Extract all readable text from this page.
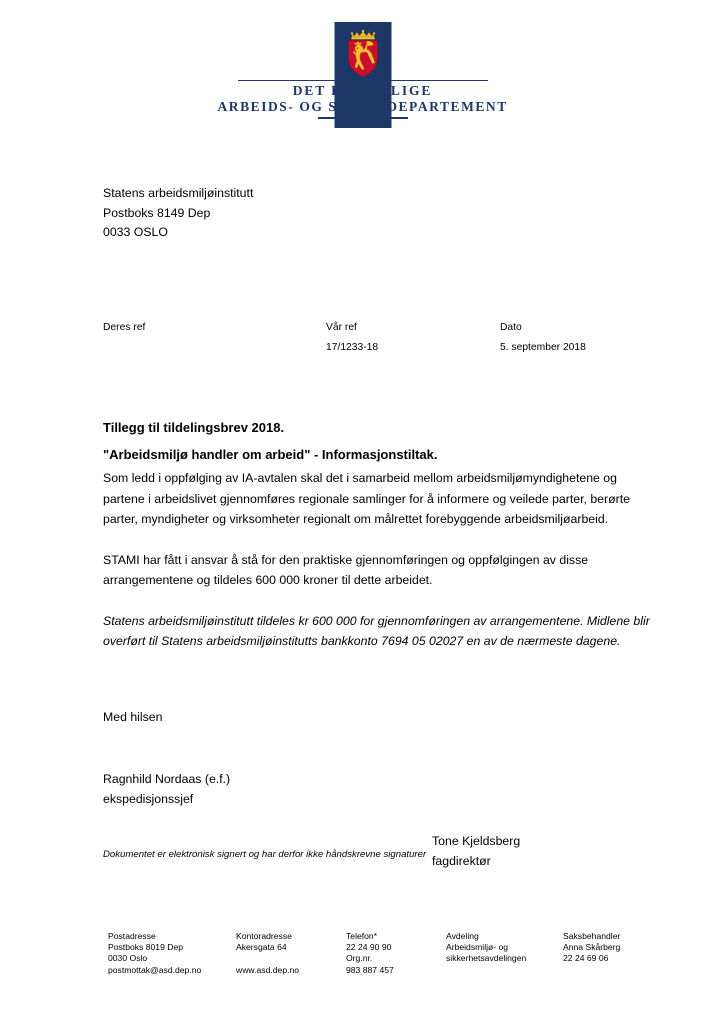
DET KONGELIGE
ARBEIDS- OG SOSIALDEPARTEMENT
Statens arbeidsmiljøinstitutt
Postboks 8149 Dep
0033 OSLO
Deres ref	Vår ref
17/1233-18
Dato
5. september 2018

Tillegg til tildelingsbrev 2018.

"Arbeidsmiljø handler om arbeid" - Informasjonstiltak.

Som ledd i oppfølging av IA-avtalen skal det i samarbeid mellom arbeidsmiljømyndighetene og partene i arbeidslivet gjennomføres regionale samlinger for å informere og veilede parter, berørte parter, myndigheter og virksomheter regionalt om målrettet forebyggende arbeidsmiljøarbeid.

STAMI har fått i ansvar å stå for den praktiske gjennomføringen og oppfølgingen av disse arrangementene og tildeles 600 000 kroner til dette arbeidet.

Statens arbeidsmiljøinstitutt tildeles kr 600 000 for gjennomføringen av arrangementene. Midlene blir overført til Statens arbeidsmiljøinstitutts bankkonto 7694 05 02027 en av de nærmeste dagene.

Med hilsen
Ragnhild Nordaas (e.f.)
ekspedisjonssjef
Tone Kjeldsberg
fagdirektør
Dokumentet er elektronisk signert og har derfor ikke håndskrevne signaturer
Postadresse
Postboks 8019 Dep
0030 Oslo
postmottak@asd.dep.no
Kontoradresse
Akersgata 64
www.asd.dep.no
Telefon*
22 24 90 90
Org.nr.
983 887 457
Avdeling
Arbeidsmiljø- og
sikkerhetsavdelingen
Saksbehandler
Anna Skårberg
22 24 69 06
